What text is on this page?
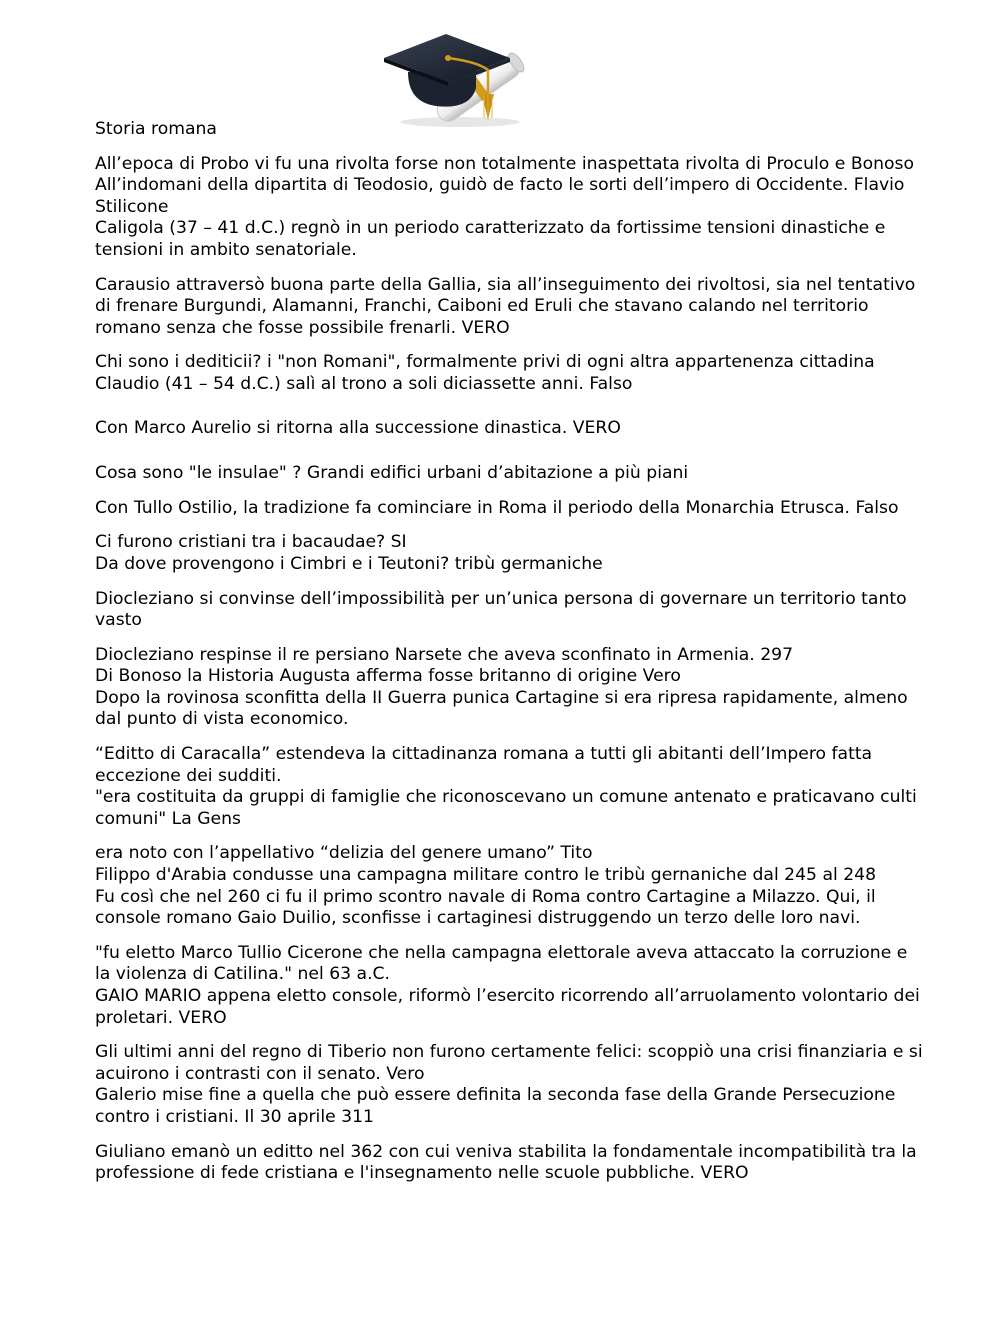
Storia romana

All’epoca di Probo vi fu una rivolta forse non totalmente inaspettata rivolta di Proculo e Bonoso
All’indomani della dipartita di Teodosio, guidò de facto le sorti dell’impero di Occidente. Flavio Stilicone
Caligola (37 – 41 d.C.) regnò in un periodo caratterizzato da fortissime tensioni dinastiche e tensioni in ambito senatoriale.

Carausio attraversò buona parte della Gallia, sia all’inseguimento dei rivoltosi, sia nel tentativo di frenare Burgundi, Alamanni, Franchi, Caiboni ed Eruli che stavano calando nel territorio romano senza che fosse possibile frenarli. VERO

Chi sono i dediticii? i "non Romani", formalmente privi di ogni altra appartenenza cittadina
Claudio (41 – 54 d.C.) salì al trono a soli diciassette anni. Falso

Con Marco Aurelio si ritorna alla successione dinastica. VERO

Cosa sono "le insulae" ? Grandi edifici urbani d’abitazione a più piani

Con Tullo Ostilio, la tradizione fa cominciare in Roma il periodo della Monarchia Etrusca. Falso

Ci furono cristiani tra i bacaudae? SI
Da dove provengono i Cimbri e i Teutoni? tribù germaniche

Diocleziano si convinse dell’impossibilità per un’unica persona di governare un territorio tanto vasto

Diocleziano respinse il re persiano Narsete che aveva sconfinato in Armenia. 297
Di Bonoso la Historia Augusta afferma fosse britanno di origine Vero
Dopo la rovinosa sconfitta della II Guerra punica Cartagine si era ripresa rapidamente, almeno dal punto di vista economico.

“Editto di Caracalla” estendeva la cittadinanza romana a tutti gli abitanti dell’Impero fatta eccezione dei sudditi.
"era costituita da gruppi di famiglie che riconoscevano un comune antenato e praticavano culti comuni" La Gens

era noto con l’appellativo “delizia del genere umano” Tito
Filippo d'Arabia condusse una campagna militare contro le tribù gernaniche dal 245 al 248
Fu così che nel 260 ci fu il primo scontro navale di Roma contro Cartagine a Milazzo. Qui, il console romano Gaio Duilio, sconfisse i cartaginesi distruggendo un terzo delle loro navi.

"fu eletto Marco Tullio Cicerone che nella campagna elettorale aveva attaccato la corruzione e la violenza di Catilina." nel 63 a.C.
GAIO MARIO appena eletto console, riformò l’esercito ricorrendo all’arruolamento volontario dei proletari. VERO

Gli ultimi anni del regno di Tiberio non furono certamente felici: scoppiò una crisi finanziaria e si acuirono i contrasti con il senato. Vero
Galerio mise fine a quella che può essere definita la seconda fase della Grande Persecuzione contro i cristiani. Il 30 aprile 311

Giuliano emanò un editto nel 362 con cui veniva stabilita la fondamentale incompatibilità tra la professione di fede cristiana e l'insegnamento nelle scuole pubbliche. VERO
